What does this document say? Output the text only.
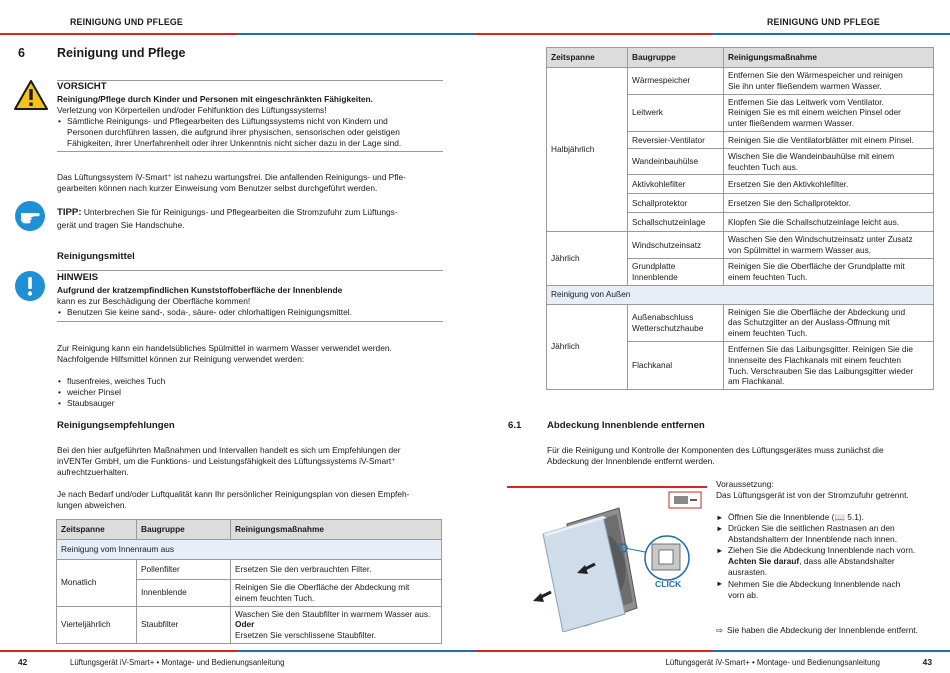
REINIGUNG UND PFLEGE
6	Reinigung und Pflege
VORSICHT
Reinigung/Pflege durch Kinder und Personen mit eingeschränkten Fähigkeiten.
Verletzung von Körperteilen und/oder Fehlfunktion des Lüftungssystems!
• Sämtliche Reinigungs- und Pflegearbeiten des Lüftungssystems nicht von Kindern und
Personen durchführen lassen, die aufgrund ihrer physischen, sensorischen oder geistigen
Fähigkeiten, ihrer Unerfahrenheit oder ihrer Unkenntnis nicht sicher dazu in der Lage sind.
Das Lüftungssystem iV-Smart⁺ ist nahezu wartungsfrei. Die anfallenden Reinigungs- und Pfle-
gearbeiten können nach kurzer Einweisung vom Benutzer selbst durchgeführt werden.
TIPP: Unterbrechen Sie für Reinigungs- und Pflegearbeiten die Stromzufuhr zum Lüftungs-
gerät und tragen Sie Handschuhe.
Reinigungsmittel
HINWEIS
Aufgrund der kratzempfindlichen Kunststoffoberfläche der Innenblende
kann es zur Beschädigung der Oberfläche kommen!
• Benutzen Sie keine sand-, soda-, säure- oder chlorhaltigen Reinigungsmittel.
Zur Reinigung kann ein handelsübliches Spülmittel in warmem Wasser verwendet werden.
Nachfolgende Hilfsmittel können zur Reinigung verwendet werden:
• flusenfreies, weiches Tuch
• weicher Pinsel
• Staubsauger
Reinigungsempfehlungen
Bei den hier aufgeführten Maßnahmen und Intervallen handelt es sich um Empfehlungen der
inVENTer GmbH, um die Funktions- und Leistungsfähigkeit des Lüftungssystems iV-Smart⁺
aufrechtzuerhalten.
Je nach Bedarf und/oder Luftqualität kann Ihr persönlicher Reinigungsplan von diesen Empfeh-
lungen abweichen.
Zeitspanne	Baugruppe	Reinigungsmaßnahme
Reinigung vom Innenraum aus		
Monatlich	Pollenfilter	Ersetzen Sie den verbrauchten Filter.
	Innenblende	Reinigen Sie die Oberfläche der Abdeckung mit
einem feuchten Tuch.
Vierteljährlich	Staubfilter	Waschen Sie den Staubfilter in warmem Wasser aus.
Oder
Ersetzen Sie verschlissene Staubfilter.
42	Lüftungsgerät iV-Smart+ • Montage- und Bedienungsanleitung
REINIGUNG UND PFLEGE
Zeitspanne	Baugruppe	Reinigungsmaßnahme
Halbjährlich	Wärmespeicher	Entfernen Sie den Wärmespeicher und reinigen
Sie ihn unter fließendem warmen Wasser.
	Leitwerk	Entfernen Sie das Leitwerk vom Ventilator.
Reinigen Sie es mit einem weichen Pinsel oder
unter fließendem warmen Wasser.
	Reversier-Ventilator	Reinigen Sie die Ventilatorblätter mit einem Pinsel.
	Wandeinbauhülse	Wischen Sie die Wandeinbauhülse mit einem
feuchten Tuch aus.
	Aktivkohlefilter	Ersetzen Sie den Aktivkohlefilter.
	Schallprotektor	Ersetzen Sie den Schallprotektor.
	Schallschutzeinlage	Klopfen Sie die Schallschutzeinlage leicht aus.
Jährlich	Windschutzeinsatz	Waschen Sie den Windschutzeinsatz unter Zusatz
von Spülmittel in warmem Wasser aus.
	Grundplatte
Innenblende	Reinigen Sie die Oberfläche der Grundplatte mit
einem feuchten Tuch.
Reinigung von Außen		
Jährlich	Außenabschluss
Wetterschutzhaube	Reinigen Sie die Oberfläche der Abdeckung und
das Schutzgitter an der Auslass-Öffnung mit
einem feuchten Tuch.
	Flachkanal	Entfernen Sie das Laibungsgitter. Reinigen Sie die
Innenseite des Flachkanals mit einem feuchten
Tuch. Verschrauben Sie das Laibungsgitter wieder
am Flachkanal.
6.1	Abdeckung Innenblende entfernen
Für die Reinigung und Kontrolle der Komponenten des Lüftungsgerätes muss zunächst die
Abdeckung der Innenblende entfernt werden.
CLICK
Voraussetzung:
Das Lüftungsgerät ist von der Stromzufuhr getrennt.
► Öffnen Sie die Innenblende (📖 5.1).
► Drücken Sie die seitlichen Rastnasen an den
Abstandshaltern der Innenblende nach innen.
► Ziehen Sie die Abdeckung Innenblende nach vorn.
Achten Sie darauf, dass alle Abstandshalter
ausrasten.
► Nehmen Sie die Abdeckung Innenblende nach
vorn ab.
⇨ Sie haben die Abdeckung der Innenblende entfernt.
Lüftungsgerät iV-Smart+ • Montage- und Bedienungsanleitung	43
